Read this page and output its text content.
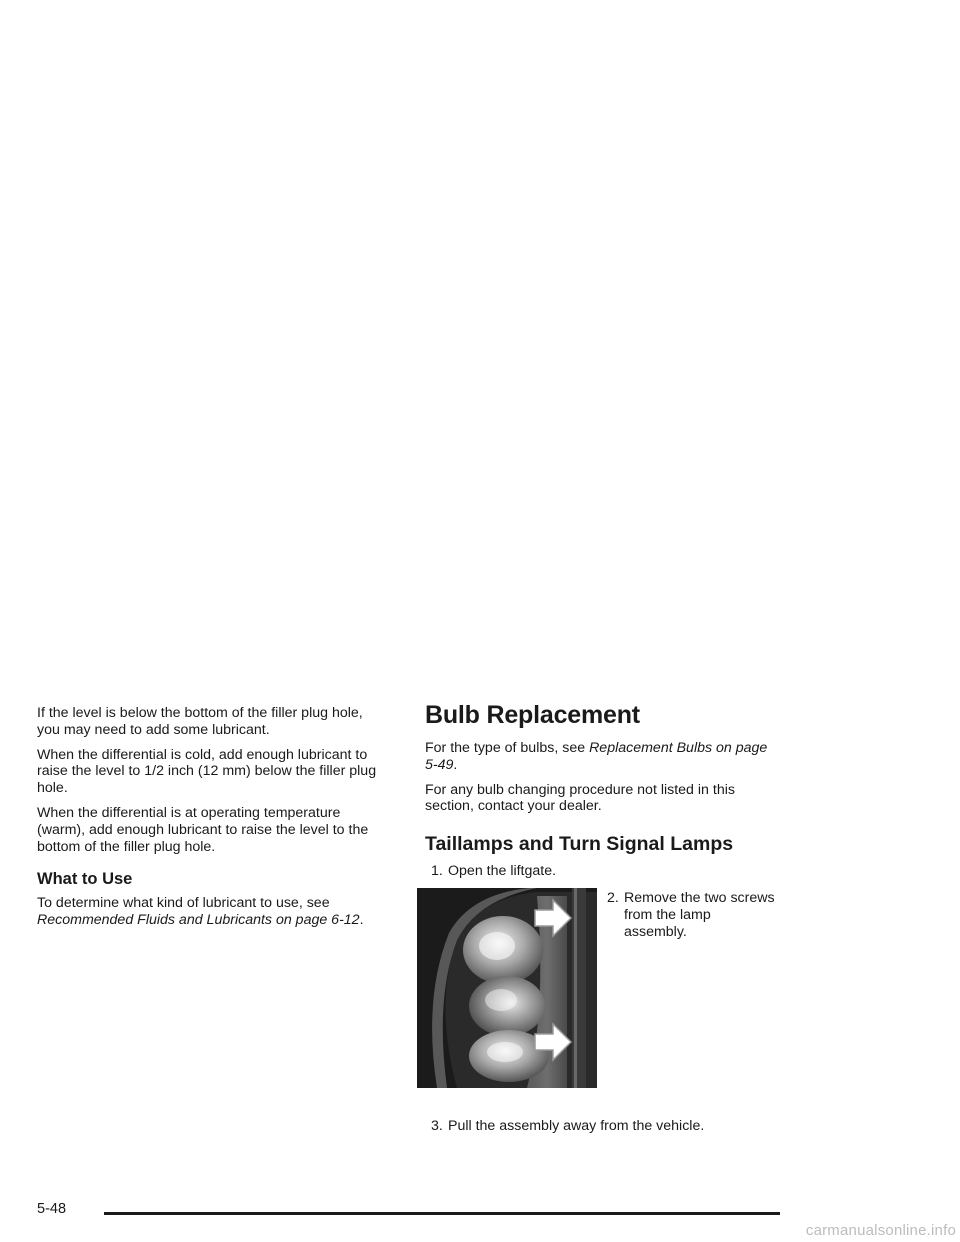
If the level is below the bottom of the filler plug hole, you may need to add some lubricant.

When the differential is cold, add enough lubricant to raise the level to 1/2 inch (12 mm) below the filler plug hole.

When the differential is at operating temperature (warm), add enough lubricant to raise the level to the bottom of the filler plug hole.

What to Use

To determine what kind of lubricant to use, see Recommended Fluids and Lubricants on page 6-12.

Bulb Replacement

For the type of bulbs, see Replacement Bulbs on page 5-49.

For any bulb changing procedure not listed in this section, contact your dealer.

Taillamps and Turn Signal Lamps
1. Open the liftgate.
2. Remove the two screws from the lamp assembly.
3. Pull the assembly away from the vehicle.
5-48
carmanualsonline.info
